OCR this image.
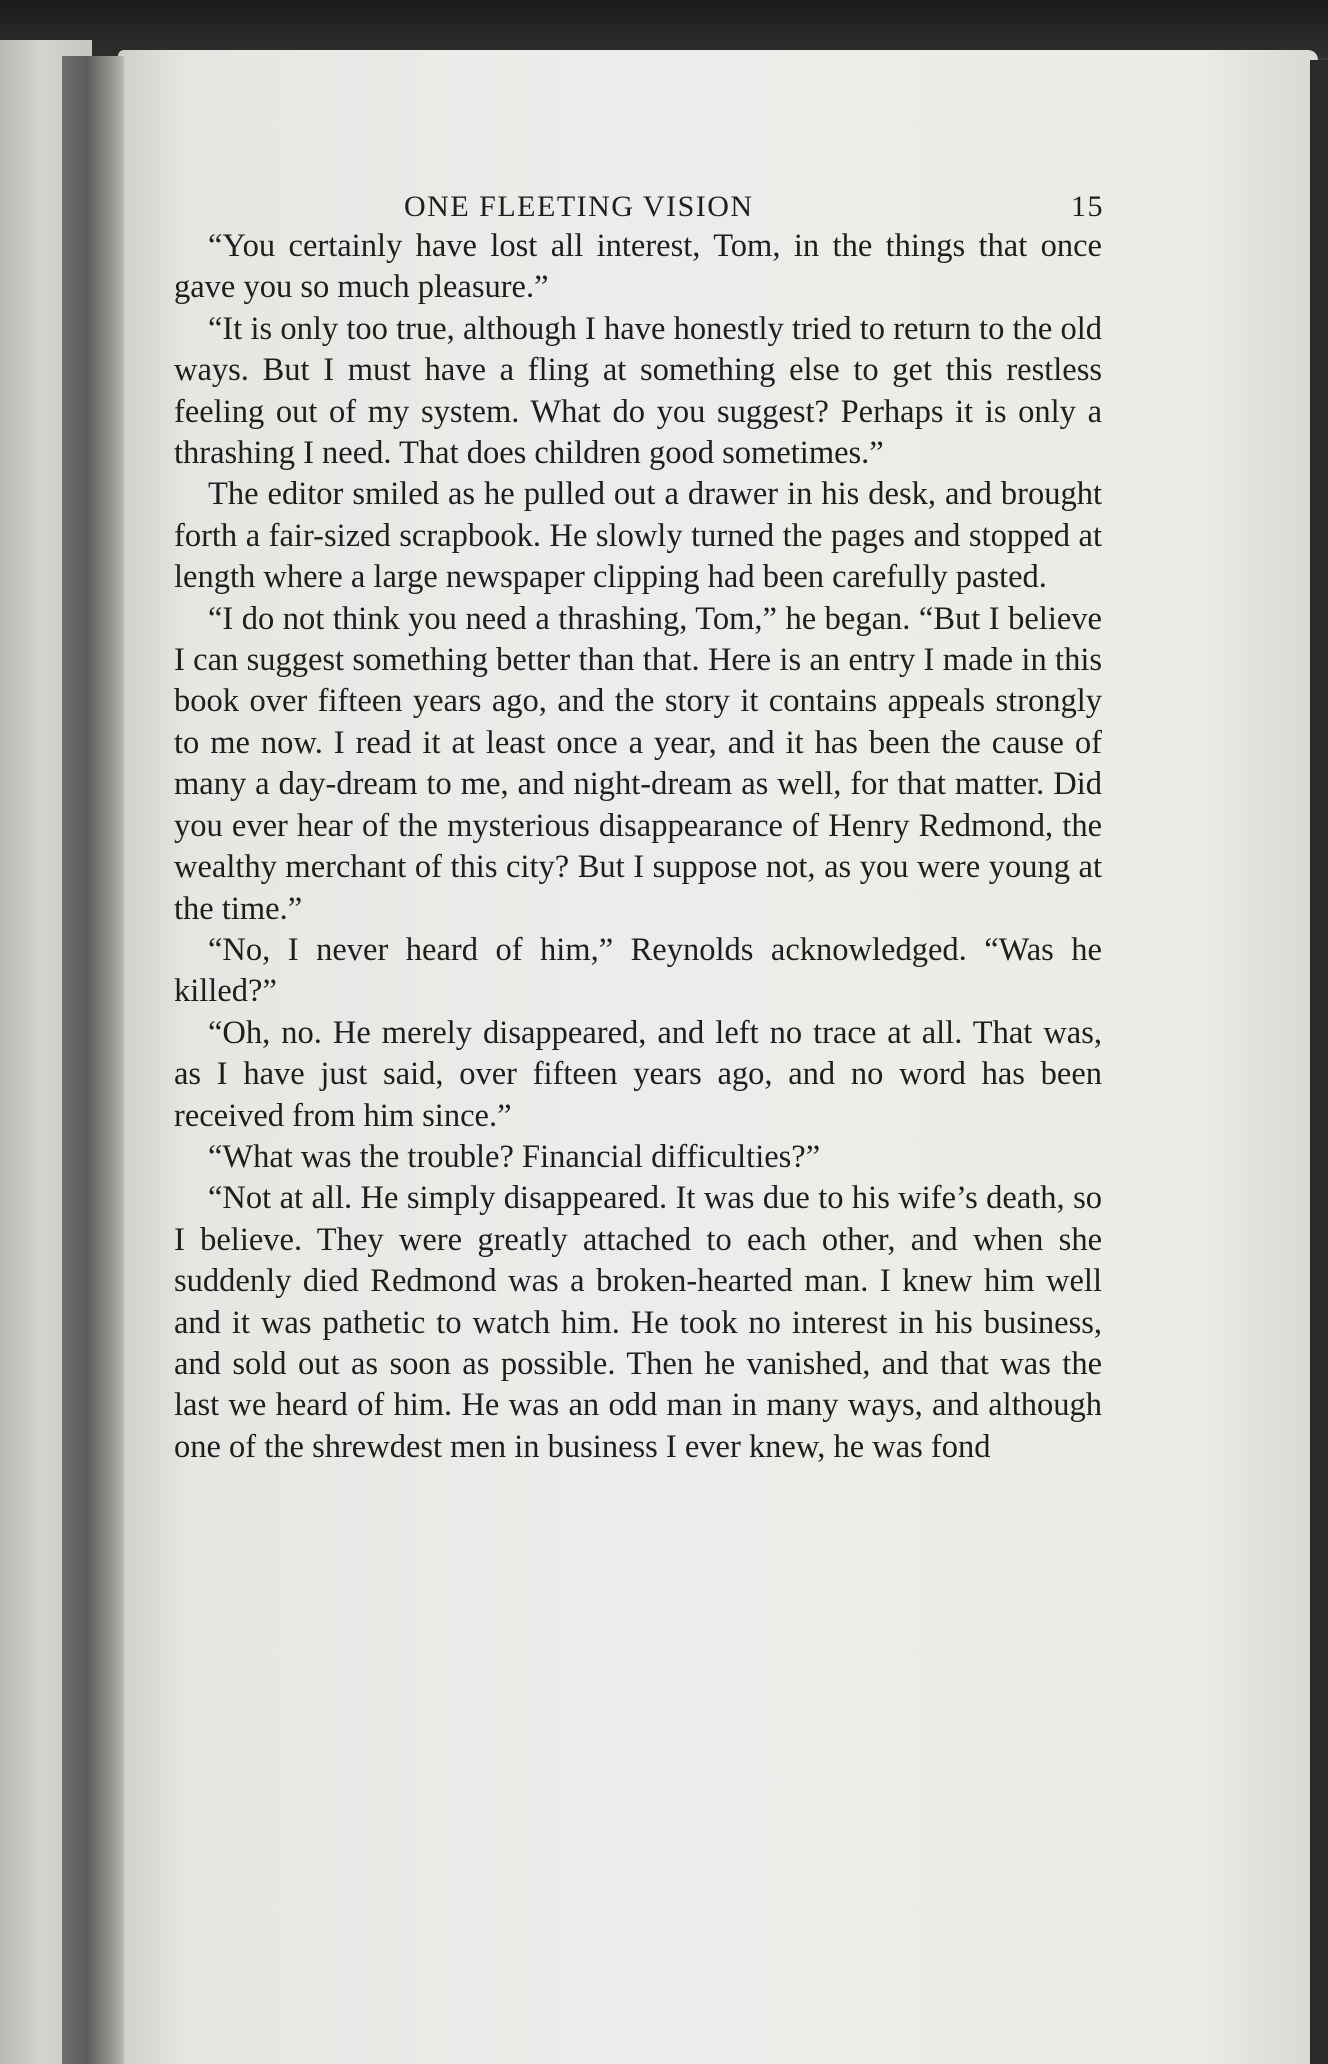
ONE FLEETING VISION	15

“You certainly have lost all interest, Tom, in the things that once gave you so much pleasure.”

“It is only too true, although I have honestly tried to return to the old ways. But I must have a fling at something else to get this restless feeling out of my system. What do you suggest? Perhaps it is only a thrashing I need. That does children good sometimes.”

The editor smiled as he pulled out a drawer in his desk, and brought forth a fair-sized scrapbook. He slowly turned the pages and stopped at length where a large newspaper clipping had been carefully pasted.

“I do not think you need a thrashing, Tom,” he began. “But I believe I can suggest something better than that. Here is an entry I made in this book over fifteen years ago, and the story it contains appeals strongly to me now. I read it at least once a year, and it has been the cause of many a day-dream to me, and night-dream as well, for that matter. Did you ever hear of the mysterious disappearance of Henry Redmond, the wealthy merchant of this city? But I suppose not, as you were young at the time.”

“No, I never heard of him,” Reynolds acknowledged. “Was he killed?”

“Oh, no. He merely disappeared, and left no trace at all. That was, as I have just said, over fifteen years ago, and no word has been received from him since.”

“What was the trouble? Financial difficulties?”

“Not at all. He simply disappeared. It was due to his wife’s death, so I believe. They were greatly attached to each other, and when she suddenly died Redmond was a broken-hearted man. I knew him well and it was pathetic to watch him. He took no interest in his business, and sold out as soon as possible. Then he vanished, and that was the last we heard of him. He was an odd man in many ways, and although one of the shrewdest men in business I ever knew, he was fond
